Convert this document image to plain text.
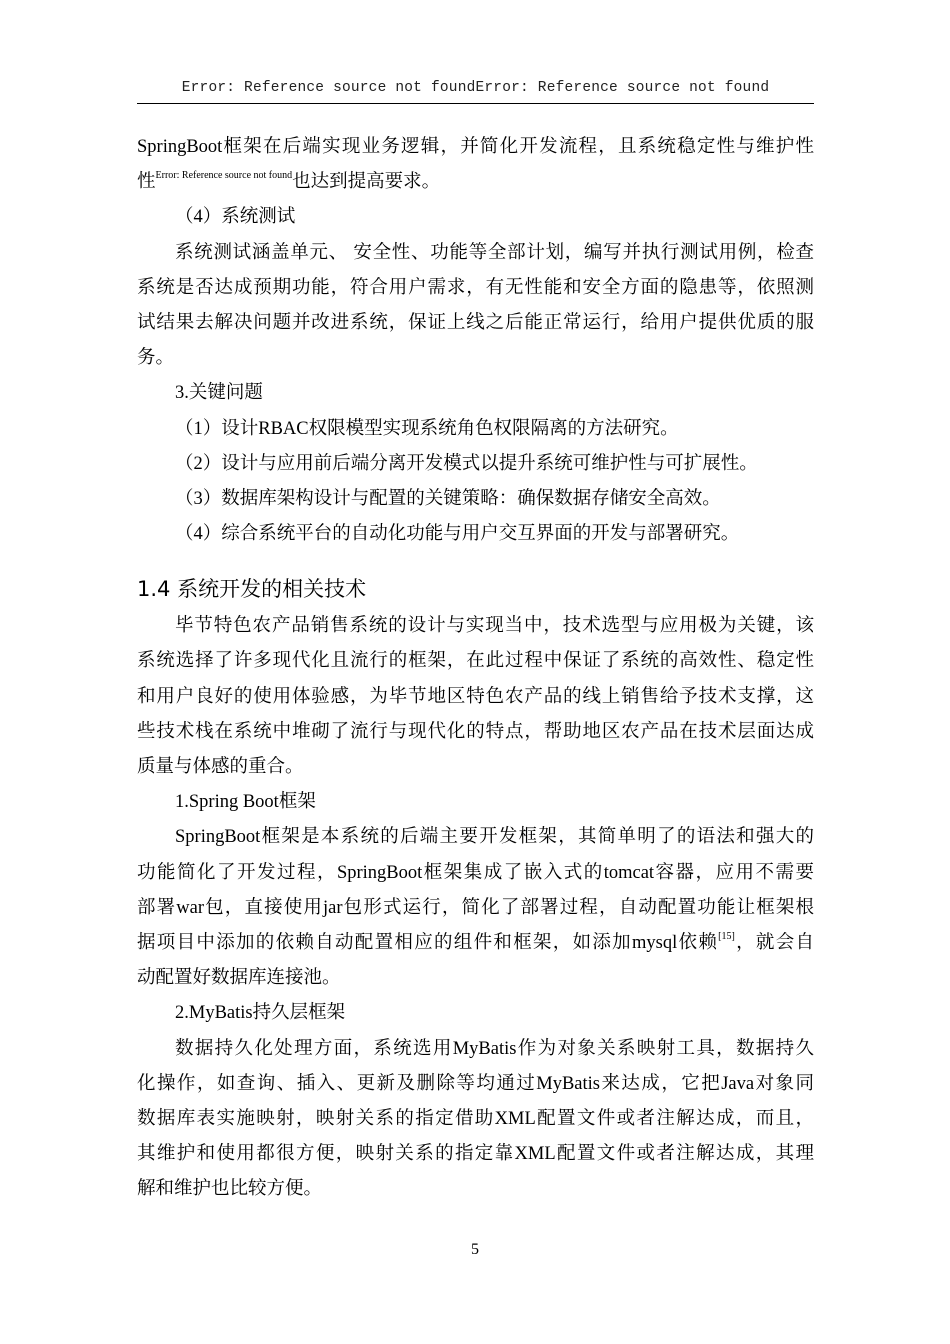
Error: Reference source not foundError: Reference source not found
SpringBoot框架在后端实现业务逻辑，并简化开发流程，且系统稳定性与维护性
性$^{Error: Reference source not found}$也达到提高要求。
（4）系统测试
系统测试涵盖单元、 安全性、功能等全部计划，编写并执行测试用例，检查
系统是否达成预期功能，符合用户需求，有无性能和安全方面的隐患等，依照测
试结果去解决问题并改进系统，保证上线之后能正常运行，给用户提供优质的服
务。
3.关键问题
（1）设计RBAC权限模型实现系统角色权限隔离的方法研究。
（2）设计与应用前后端分离开发模式以提升系统可维护性与可扩展性。
（3）数据库架构设计与配置的关键策略：确保数据存储安全高效。
（4）综合系统平台的自动化功能与用户交互界面的开发与部署研究。
1.4 系统开发的相关技术
毕节特色农产品销售系统的设计与实现当中，技术选型与应用极为关键，该
系统选择了许多现代化且流行的框架，在此过程中保证了系统的高效性、稳定性
和用户良好的使用体验感，为毕节地区特色农产品的线上销售给予技术支撑，这
些技术栈在系统中堆砌了流行与现代化的特点，帮助地区农产品在技术层面达成
质量与体感的重合。
1.Spring Boot框架
SpringBoot框架是本系统的后端主要开发框架，其简单明了的语法和强大的
功能简化了开发过程，SpringBoot框架集成了嵌入式的tomcat容器，应用不需要
部署war包，直接使用jar包形式运行，简化了部署过程，自动配置功能让框架根
据项目中添加的依赖自动配置相应的组件和框架，如添加mysql依赖[15]，就会自
动配置好数据库连接池。
2.MyBatis持久层框架
数据持久化处理方面，系统选用MyBatis作为对象关系映射工具，数据持久
化操作，如查询、插入、更新及删除等均通过MyBatis来达成，它把Java对象同
数据库表实施映射，映射关系的指定借助XML配置文件或者注解达成，而且，
其维护和使用都很方便，映射关系的指定靠XML配置文件或者注解达成，其理
解和维护也比较方便。
5
